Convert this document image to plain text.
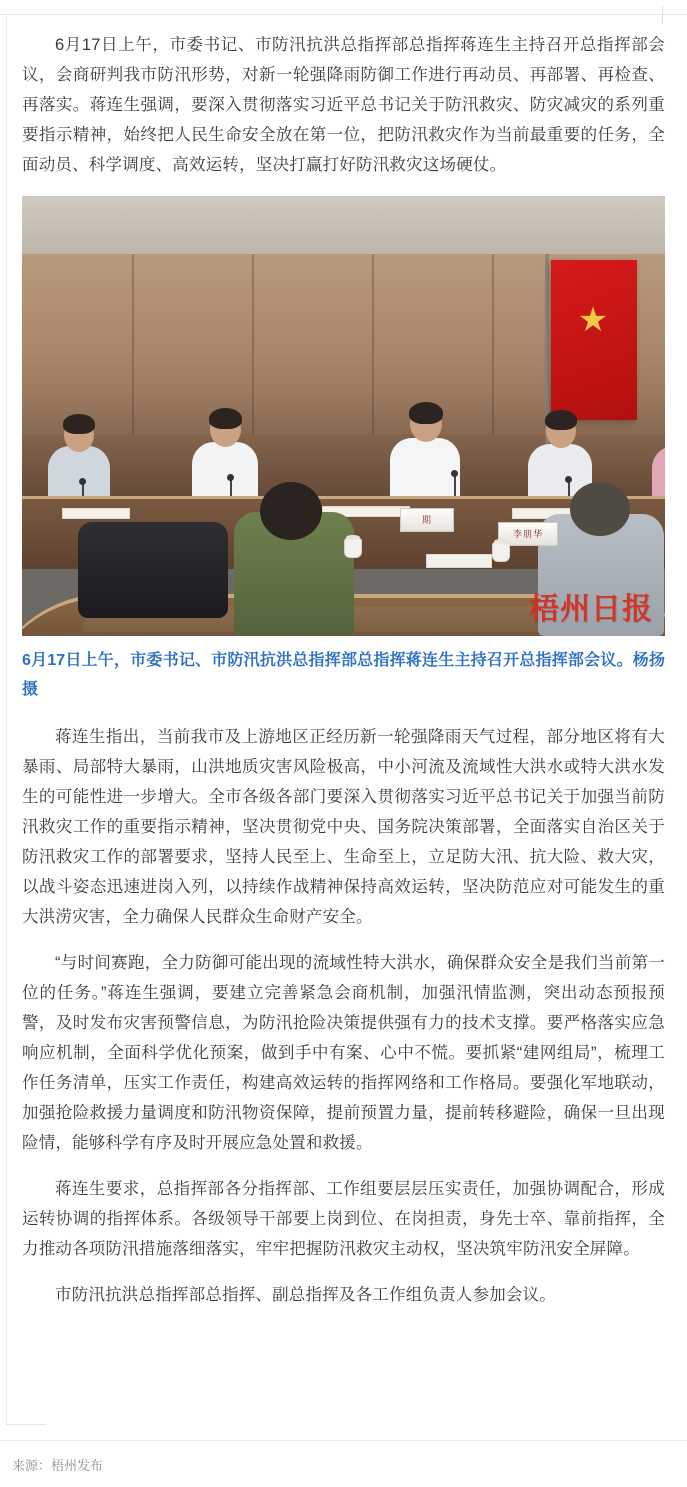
6月17日上午，市委书记、市防汛抗洪总指挥部总指挥蒋连生主持召开总指挥部会议，会商研判我市防汛形势，对新一轮强降雨防御工作进行再动员、再部署、再检查、再落实。蒋连生强调，要深入贯彻落实习近平总书记关于防汛救灾、防灾减灾的系列重要指示精神，始终把人民生命安全放在第一位，把防汛救灾作为当前最重要的任务，全面动员、科学调度、高效运转，坚决打赢打好防汛救灾这场硬仗。

★
期
李朋华
梧州日报
6月17日上午，市委书记、市防汛抗洪总指挥部总指挥蒋连生主持召开总指挥部会议。杨扬 摄

蒋连生指出，当前我市及上游地区正经历新一轮强降雨天气过程，部分地区将有大暴雨、局部特大暴雨，山洪地质灾害风险极高，中小河流及流域性大洪水或特大洪水发生的可能性进一步增大。全市各级各部门要深入贯彻落实习近平总书记关于加强当前防汛救灾工作的重要指示精神，坚决贯彻党中央、国务院决策部署，全面落实自治区关于防汛救灾工作的部署要求，坚持人民至上、生命至上，立足防大汛、抗大险、救大灾，以战斗姿态迅速进岗入列，以持续作战精神保持高效运转，坚决防范应对可能发生的重大洪涝灾害，全力确保人民群众生命财产安全。

“与时间赛跑，全力防御可能出现的流域性特大洪水，确保群众安全是我们当前第一位的任务。”蒋连生强调，要建立完善紧急会商机制，加强汛情监测，突出动态预报预警，及时发布灾害预警信息，为防汛抢险决策提供强有力的技术支撑。要严格落实应急响应机制，全面科学优化预案，做到手中有案、心中不慌。要抓紧“建网组局”，梳理工作任务清单，压实工作责任，构建高效运转的指挥网络和工作格局。要强化军地联动，加强抢险救援力量调度和防汛物资保障，提前预置力量，提前转移避险，确保一旦出现险情，能够科学有序及时开展应急处置和救援。

蒋连生要求，总指挥部各分指挥部、工作组要层层压实责任，加强协调配合，形成运转协调的指挥体系。各级领导干部要上岗到位、在岗担责，身先士卒、靠前指挥，全力推动各项防汛措施落细落实，牢牢把握防汛救灾主动权，坚决筑牢防汛安全屏障。

市防汛抗洪总指挥部总指挥、副总指挥及各工作组负责人参加会议。

来源：梧州发布
